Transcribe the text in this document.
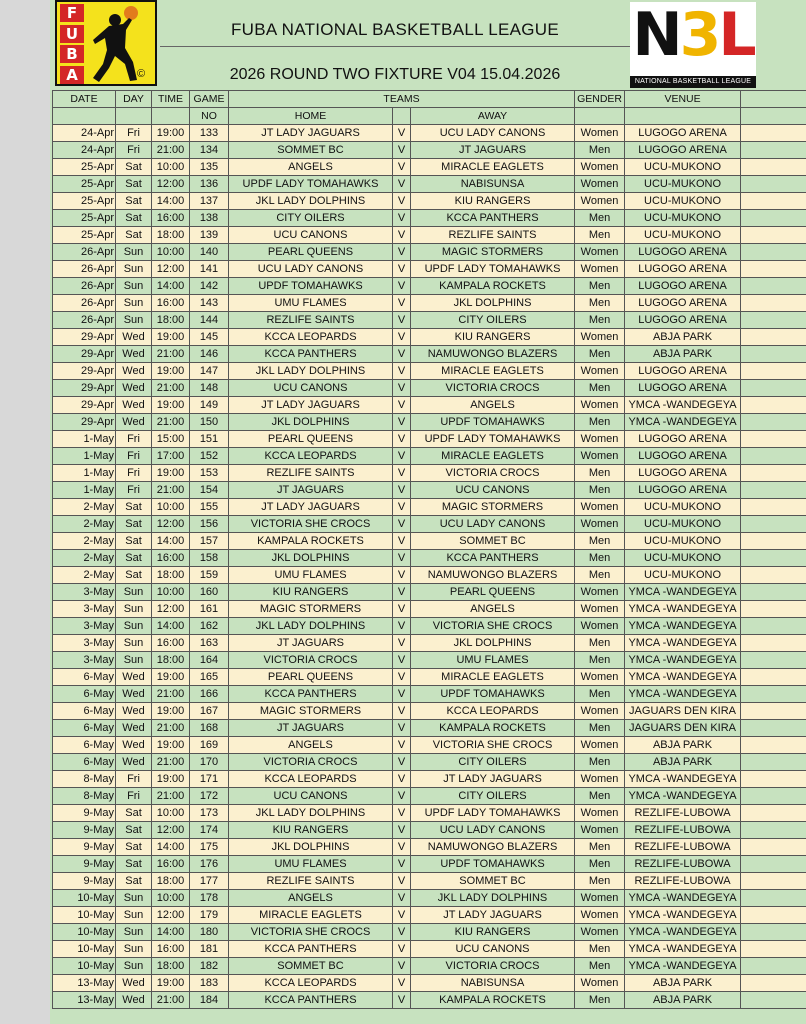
F
U
B
A	©
FUBA NATIONAL BASKETBALL LEAGUE
2026 ROUND TWO FIXTURE V04 15.04.2026
N3L
NATIONAL BASKETBALL LEAGUE
DATE	DAY	TIME	GAME	TEAMS			GENDER	VENUE	
			NO	HOME		AWAY			
24-Apr	Fri	19:00	133	JT LADY JAGUARS	V	UCU LADY CANONS	Women	LUGOGO ARENA	
24-Apr	Fri	21:00	134	SOMMET BC	V	JT JAGUARS	Men	LUGOGO ARENA	
25-Apr	Sat	10:00	135	ANGELS	V	MIRACLE EAGLETS	Women	UCU-MUKONO	
25-Apr	Sat	12:00	136	UPDF LADY TOMAHAWKS	V	NABISUNSA	Women	UCU-MUKONO	
25-Apr	Sat	14:00	137	JKL LADY DOLPHINS	V	KIU RANGERS	Women	UCU-MUKONO	
25-Apr	Sat	16:00	138	CITY OILERS	V	KCCA PANTHERS	Men	UCU-MUKONO	
25-Apr	Sat	18:00	139	UCU CANONS	V	REZLIFE SAINTS	Men	UCU-MUKONO	
26-Apr	Sun	10:00	140	PEARL QUEENS	V	MAGIC STORMERS	Women	LUGOGO ARENA	
26-Apr	Sun	12:00	141	UCU LADY CANONS	V	UPDF LADY TOMAHAWKS	Women	LUGOGO ARENA	
26-Apr	Sun	14:00	142	UPDF TOMAHAWKS	V	KAMPALA ROCKETS	Men	LUGOGO ARENA	
26-Apr	Sun	16:00	143	UMU FLAMES	V	JKL DOLPHINS	Men	LUGOGO ARENA	
26-Apr	Sun	18:00	144	REZLIFE SAINTS	V	CITY OILERS	Men	LUGOGO ARENA	
29-Apr	Wed	19:00	145	KCCA LEOPARDS	V	KIU RANGERS	Women	ABJA PARK	
29-Apr	Wed	21:00	146	KCCA PANTHERS	V	NAMUWONGO BLAZERS	Men	ABJA PARK	
29-Apr	Wed	19:00	147	JKL LADY DOLPHINS	V	MIRACLE EAGLETS	Women	LUGOGO ARENA	
29-Apr	Wed	21:00	148	UCU CANONS	V	VICTORIA CROCS	Men	LUGOGO ARENA	
29-Apr	Wed	19:00	149	JT LADY JAGUARS	V	ANGELS	Women	YMCA -WANDEGEYA	
29-Apr	Wed	21:00	150	JKL DOLPHINS	V	UPDF TOMAHAWKS	Men	YMCA -WANDEGEYA	
1-May	Fri	15:00	151	PEARL QUEENS	V	UPDF LADY TOMAHAWKS	Women	LUGOGO ARENA	
1-May	Fri	17:00	152	KCCA LEOPARDS	V	MIRACLE EAGLETS	Women	LUGOGO ARENA	
1-May	Fri	19:00	153	REZLIFE SAINTS	V	VICTORIA CROCS	Men	LUGOGO ARENA	
1-May	Fri	21:00	154	JT JAGUARS	V	UCU CANONS	Men	LUGOGO ARENA	
2-May	Sat	10:00	155	JT LADY JAGUARS	V	MAGIC STORMERS	Women	UCU-MUKONO	
2-May	Sat	12:00	156	VICTORIA SHE CROCS	V	UCU LADY CANONS	Women	UCU-MUKONO	
2-May	Sat	14:00	157	KAMPALA ROCKETS	V	SOMMET BC	Men	UCU-MUKONO	
2-May	Sat	16:00	158	JKL DOLPHINS	V	KCCA PANTHERS	Men	UCU-MUKONO	
2-May	Sat	18:00	159	UMU FLAMES	V	NAMUWONGO BLAZERS	Men	UCU-MUKONO	
3-May	Sun	10:00	160	KIU RANGERS	V	PEARL QUEENS	Women	YMCA -WANDEGEYA	
3-May	Sun	12:00	161	MAGIC STORMERS	V	ANGELS	Women	YMCA -WANDEGEYA	
3-May	Sun	14:00	162	JKL LADY DOLPHINS	V	VICTORIA SHE CROCS	Women	YMCA -WANDEGEYA	
3-May	Sun	16:00	163	JT JAGUARS	V	JKL DOLPHINS	Men	YMCA -WANDEGEYA	
3-May	Sun	18:00	164	VICTORIA CROCS	V	UMU FLAMES	Men	YMCA -WANDEGEYA	
6-May	Wed	19:00	165	PEARL QUEENS	V	MIRACLE EAGLETS	Women	YMCA -WANDEGEYA	
6-May	Wed	21:00	166	KCCA PANTHERS	V	UPDF TOMAHAWKS	Men	YMCA -WANDEGEYA	
6-May	Wed	19:00	167	MAGIC STORMERS	V	KCCA LEOPARDS	Women	JAGUARS DEN KIRA	
6-May	Wed	21:00	168	JT JAGUARS	V	KAMPALA ROCKETS	Men	JAGUARS DEN KIRA	
6-May	Wed	19:00	169	ANGELS	V	VICTORIA SHE CROCS	Women	ABJA PARK	
6-May	Wed	21:00	170	VICTORIA CROCS	V	CITY OILERS	Men	ABJA PARK	
8-May	Fri	19:00	171	KCCA LEOPARDS	V	JT LADY JAGUARS	Women	YMCA -WANDEGEYA	
8-May	Fri	21:00	172	UCU CANONS	V	CITY OILERS	Men	YMCA -WANDEGEYA	
9-May	Sat	10:00	173	JKL LADY DOLPHINS	V	UPDF LADY TOMAHAWKS	Women	REZLIFE-LUBOWA	
9-May	Sat	12:00	174	KIU RANGERS	V	UCU LADY CANONS	Women	REZLIFE-LUBOWA	
9-May	Sat	14:00	175	JKL DOLPHINS	V	NAMUWONGO BLAZERS	Men	REZLIFE-LUBOWA	
9-May	Sat	16:00	176	UMU FLAMES	V	UPDF TOMAHAWKS	Men	REZLIFE-LUBOWA	
9-May	Sat	18:00	177	REZLIFE SAINTS	V	SOMMET BC	Men	REZLIFE-LUBOWA	
10-May	Sun	10:00	178	ANGELS	V	JKL LADY DOLPHINS	Women	YMCA -WANDEGEYA	
10-May	Sun	12:00	179	MIRACLE EAGLETS	V	JT LADY JAGUARS	Women	YMCA -WANDEGEYA	
10-May	Sun	14:00	180	VICTORIA SHE CROCS	V	KIU RANGERS	Women	YMCA -WANDEGEYA	
10-May	Sun	16:00	181	KCCA PANTHERS	V	UCU CANONS	Men	YMCA -WANDEGEYA	
10-May	Sun	18:00	182	SOMMET BC	V	VICTORIA CROCS	Men	YMCA -WANDEGEYA	
13-May	Wed	19:00	183	KCCA LEOPARDS	V	NABISUNSA	Women	ABJA PARK	
13-May	Wed	21:00	184	KCCA PANTHERS	V	KAMPALA ROCKETS	Men	ABJA PARK	
